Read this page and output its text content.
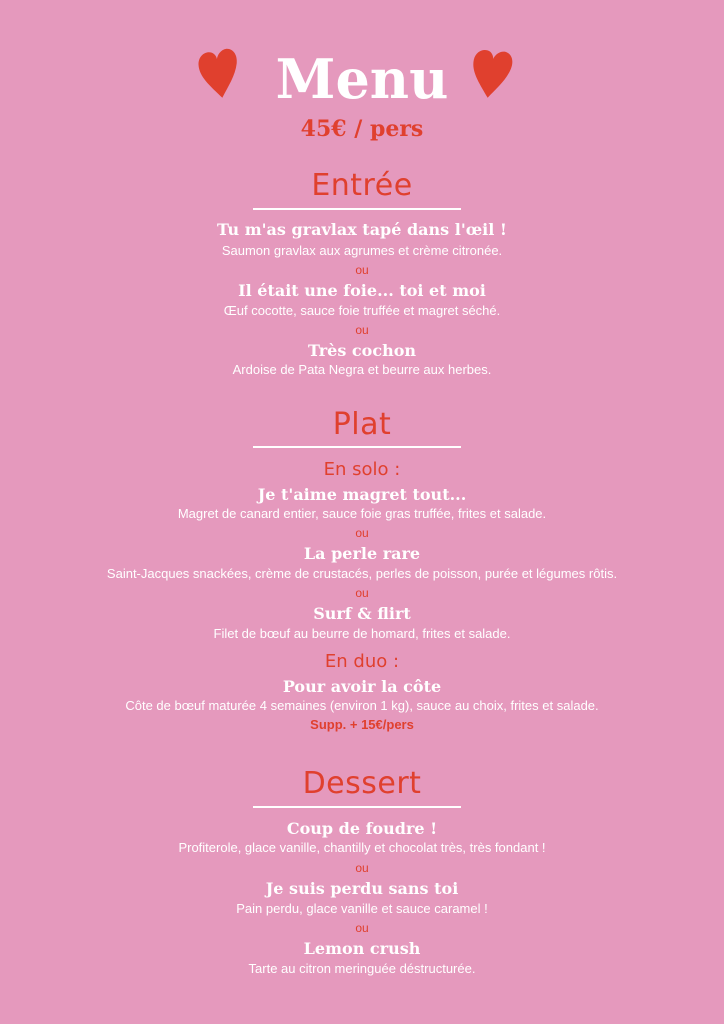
Menu
45€ / pers
Entrée
Tu m'as gravlax tapé dans l'œil !
Saumon gravlax aux agrumes et crème citronée.
ou
Il était une foie... toi et moi
Œuf cocotte, sauce foie truffée et magret séché.
ou
Très cochon
Ardoise de Pata Negra et beurre aux herbes.
Plat
En solo :
Je t'aime magret tout...
Magret de canard entier, sauce foie gras truffée, frites et salade.
ou
La perle rare
Saint-Jacques snackées, crème de crustacés, perles de poisson, purée et légumes rôtis.
ou
Surf & flirt
Filet de bœuf au beurre de homard, frites et salade.
En duo :
Pour avoir la côte
Côte de bœuf maturée 4 semaines (environ 1 kg), sauce au choix, frites et salade.
Supp. + 15€/pers
Dessert
Coup de foudre !
Profiterole, glace vanille, chantilly et chocolat très, très fondant !
ou
Je suis perdu sans toi
Pain perdu, glace vanille et sauce caramel !
ou
Lemon crush
Tarte au citron meringuée déstructurée.
